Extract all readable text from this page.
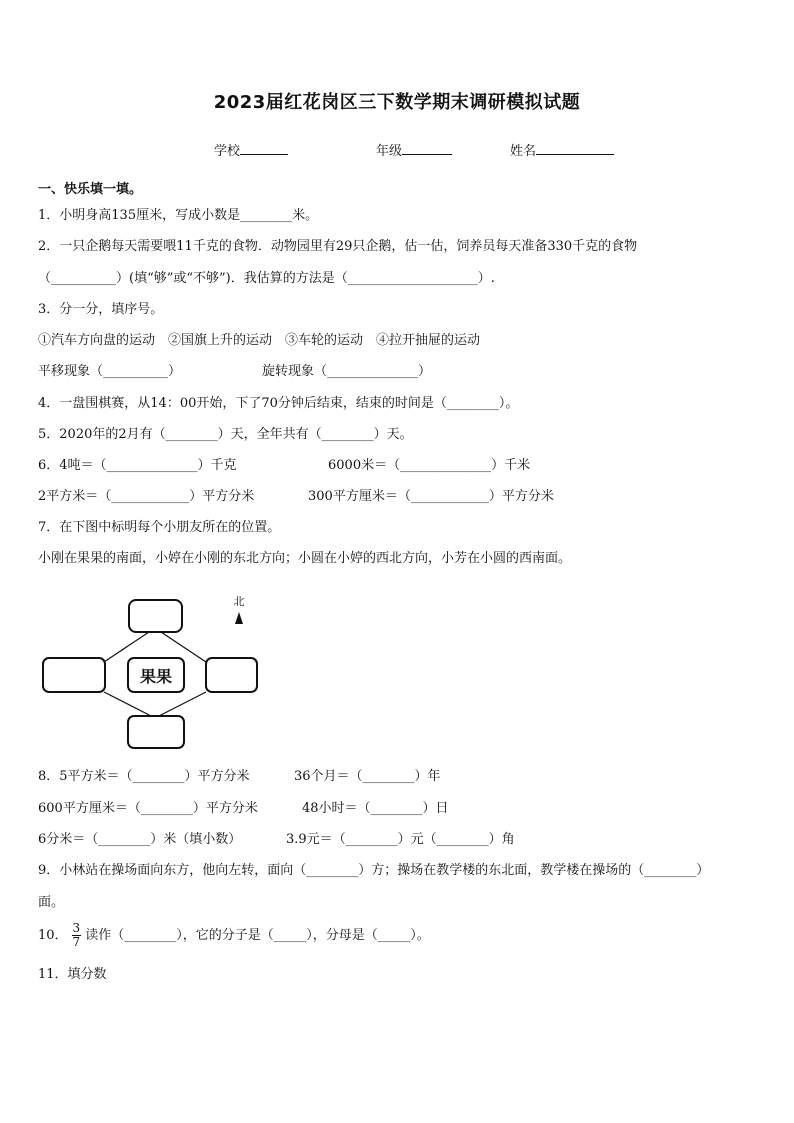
2023届红花岗区三下数学期末调研模拟试题
学校	年级	姓名
一、快乐填一填。
1．小明身高135厘米，写成小数是________米。
2．一只企鹅每天需要喂11千克的食物．动物园里有29只企鹅，估一估，饲养员每天准备330千克的食物
（__________）(填“够”或“不够”)．我估算的方法是（____________________）.
3．分一分，填序号。
①汽车方向盘的运动　②国旗上升的运动　③车轮的运动　④拉开抽屉的运动
平移现象（__________）	旋转现象（______________）
4．一盘围棋赛，从14：00开始，下了70分钟后结束，结束的时间是（________）。
5．2020年的2月有（________）天，全年共有（________）天。
6．4吨＝（______________）千克	6000米＝（______________）千米
2平方米＝（____________）平方分米	300平方厘米＝（____________）平方分米
7．在下图中标明每个小朋友所在的位置。
小刚在果果的南面，小婷在小刚的东北方向；小圆在小婷的西北方向，小芳在小圆的西南面。
果果
北
8．5平方米＝（________）平方分米	36个月＝（________）年
600平方厘米＝（________）平方分米	48小时＝（________）日
6分米＝（________）米（填小数）	3.9元＝（________）元（________）角
9．小林站在操场面向东方，他向左转，面向（________）方；操场在教学楼的东北面，教学楼在操场的（________）
面。
10． $\frac{3}{7}$ 读作（________），它的分子是（_____），分母是（_____）。
11．填分数
